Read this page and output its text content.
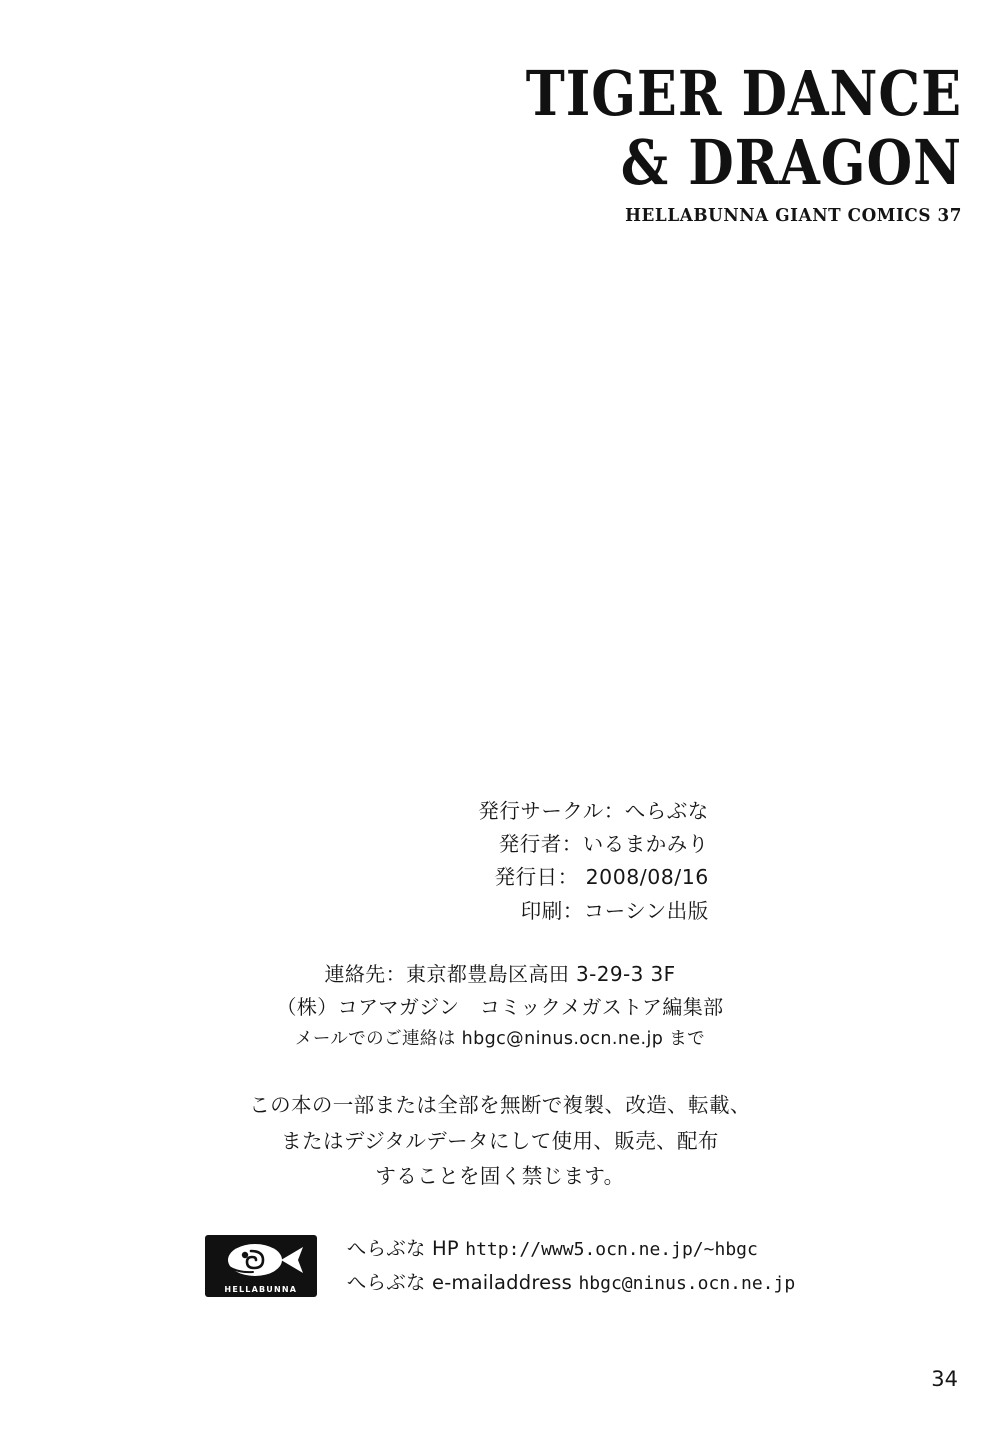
TIGER DANCE
& DRAGON
HELLABUNNA GIANT COMICS 37
発行サークル：へらぶな
発行者：いるまかみり
発行日： 2008/08/16
印刷：コーシン出版
連絡先：東京都豊島区高田 3-29-3 3F
（株）コアマガジン　コミックメガストア編集部
メールでのご連絡は hbgc@ninus.ocn.ne.jp まで
この本の一部または全部を無断で複製、改造、転載、
またはデジタルデータにして使用、販売、配布
することを固く禁じます。
HELLABUNNA
へらぶな HP http://www5.ocn.ne.jp/~hbgc
へらぶな e-mailaddress hbgc@ninus.ocn.ne.jp
34
